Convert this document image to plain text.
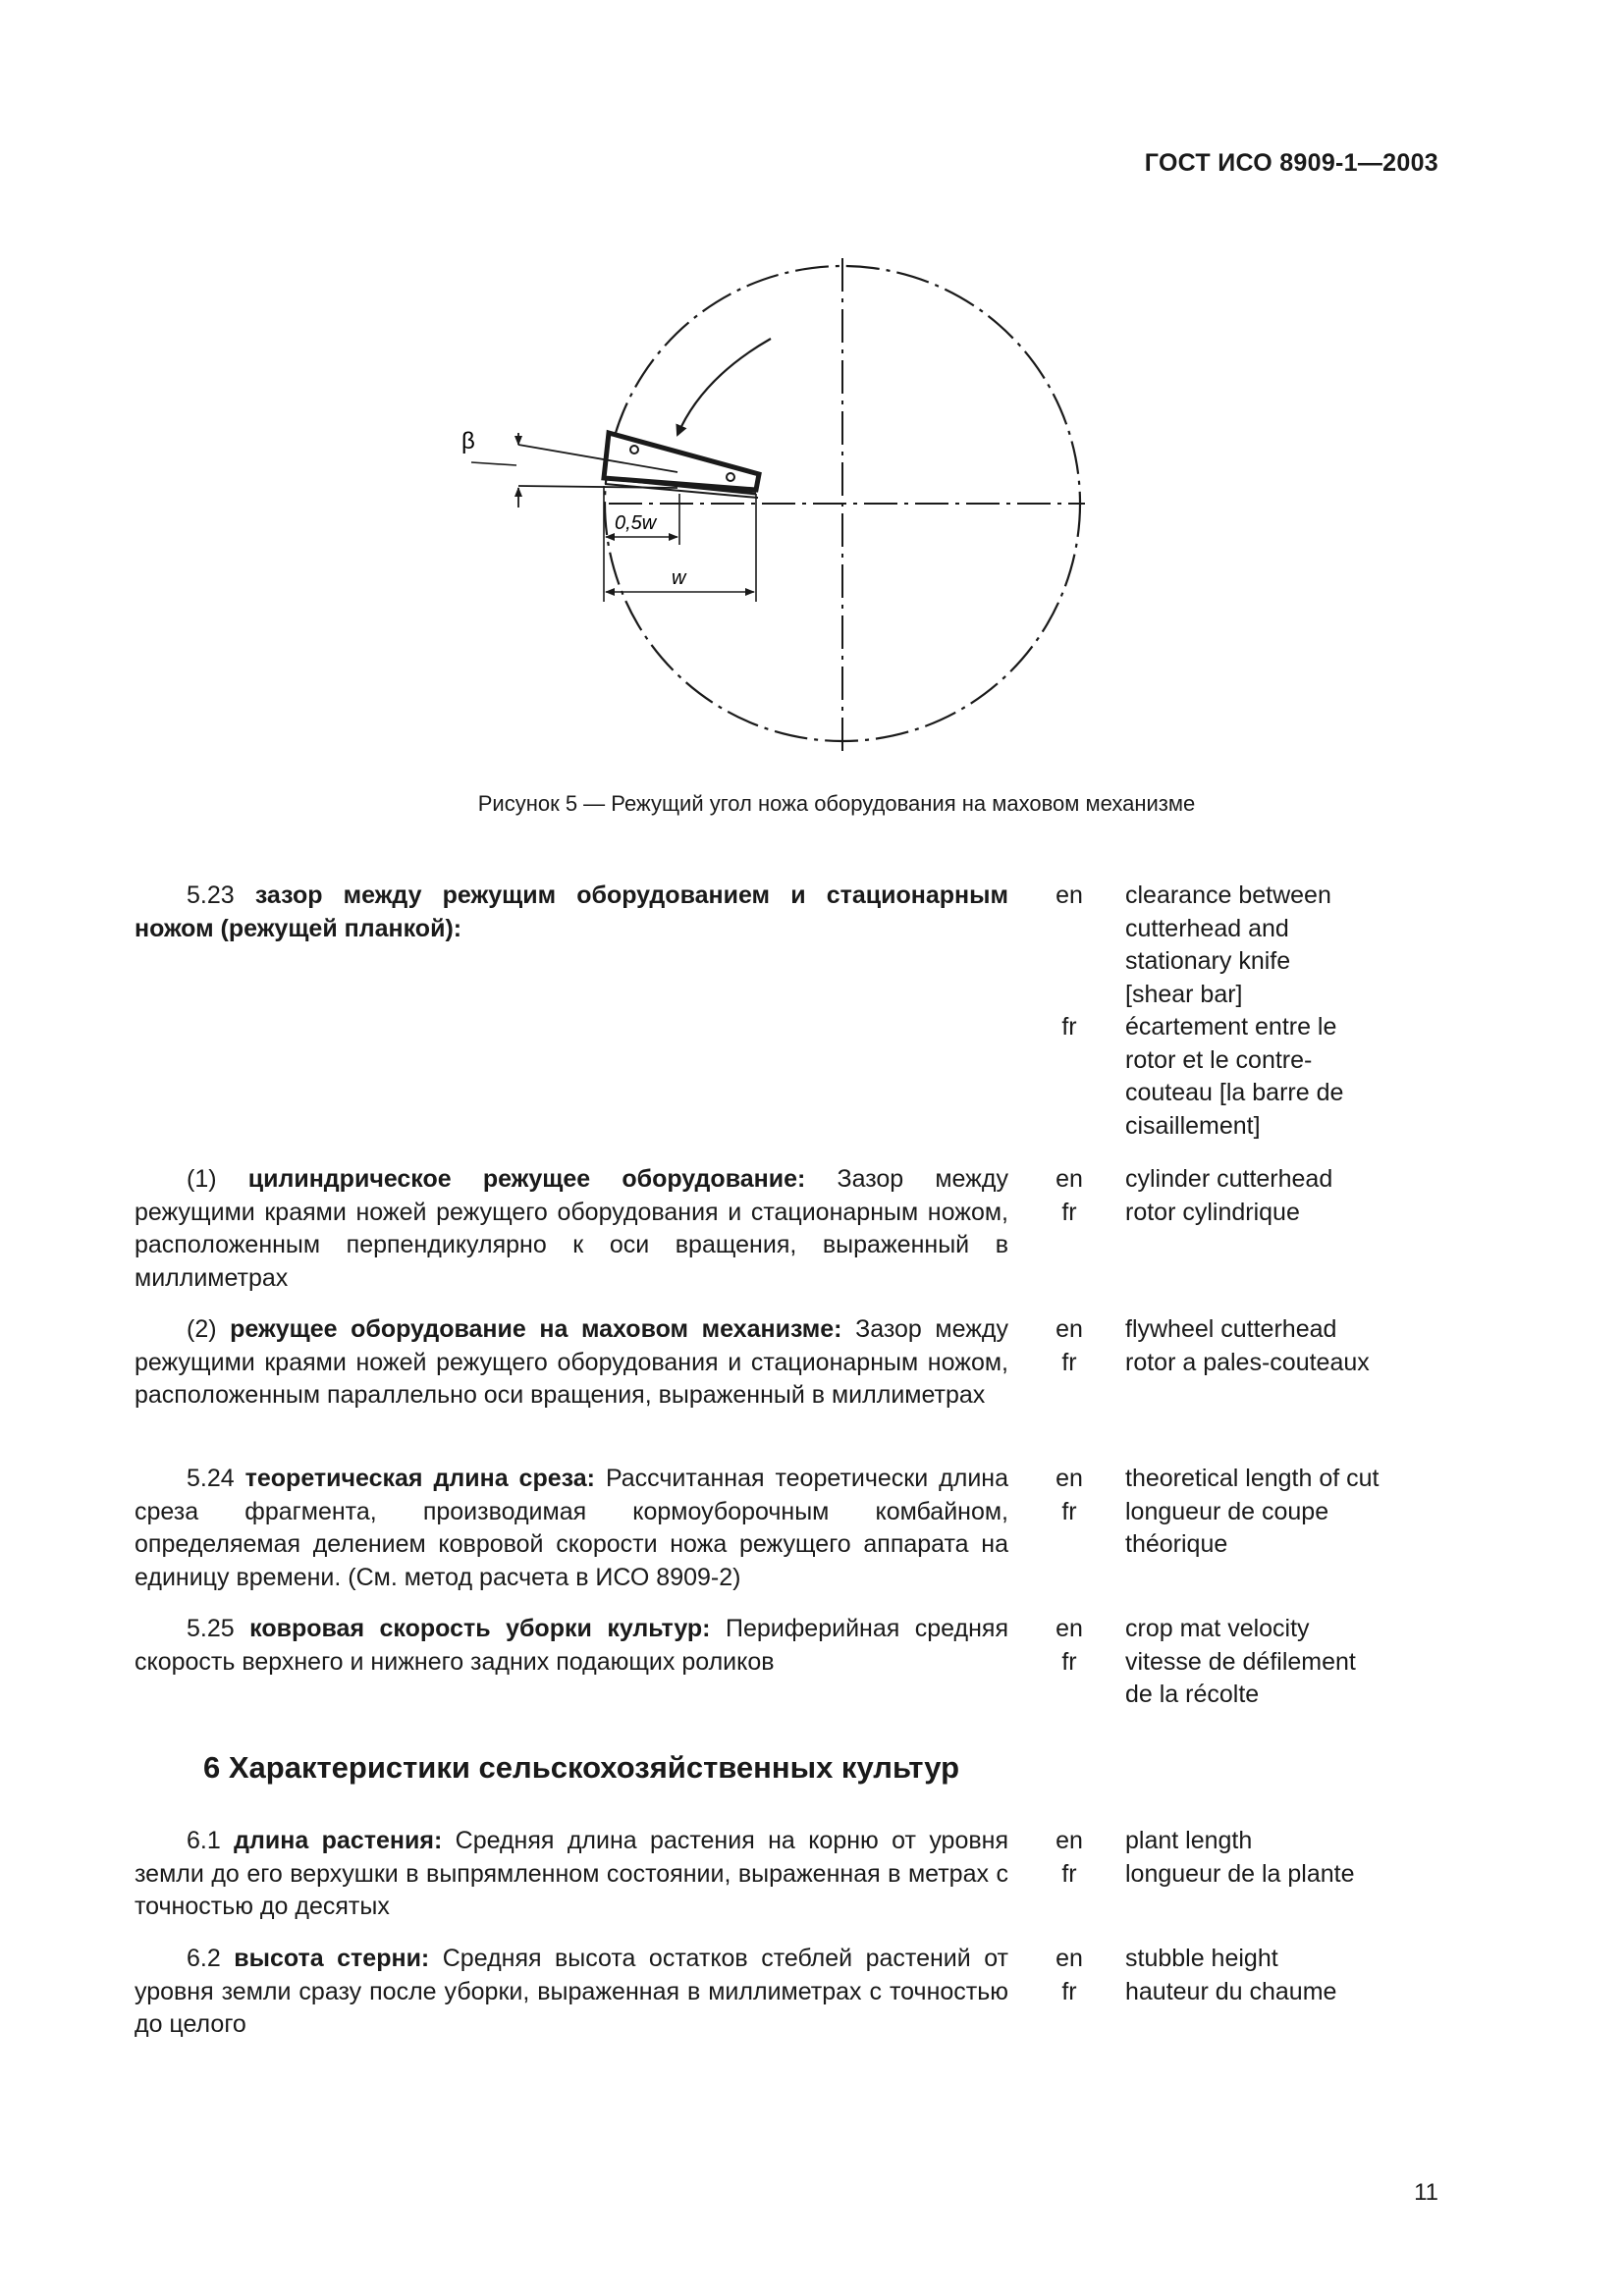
ГОСТ ИСО 8909-1—2003
β
0,5w
w
Рисунок 5 — Режущий угол ножа оборудования на маховом механизме
5.23 зазор между режущим оборудованием и стационарным ножом (режущей планкой):
en
fr
clearance between
cutterhead and
stationary knife
[shear bar]
écartement entre le
rotor et le contre-
couteau [la barre de
cisaillement]
(1) цилиндрическое режущее оборудование: Зазор между режущими краями ножей режущего оборудования и стационарным ножом, расположенным перпендикулярно к оси вращения, выраженный в миллиметрах
en
fr
cylinder cutterhead
rotor cylindrique
(2) режущее оборудование на маховом механизме: Зазор между режущими краями ножей режущего оборудования и стационарным ножом, расположенным параллельно оси вращения, выраженный в миллиметрах
en
fr
flywheel cutterhead
rotor a pales-couteaux
5.24 теоретическая длина среза: Рассчитанная теоретически длина среза фрагмента, производимая кормоуборочным комбайном, определяемая делением ковровой скорости ножа режущего аппарата на единицу времени. (См. метод расчета в ИСО 8909-2)
en
fr
theoretical length of cut
longueur de coupe
théorique
5.25 ковровая скорость уборки культур: Периферийная средняя скорость верхнего и нижнего задних подающих роликов
en
fr
crop mat velocity
vitesse de défilement
de la récolte
6 Характеристики сельскохозяйственных культур
6.1 длина растения: Средняя длина растения на корню от уровня земли до его верхушки в выпрямленном состоянии, выраженная в метрах с точностью до десятых
en
fr
plant length
longueur de la plante
6.2 высота стерни: Средняя высота остатков стеблей растений от уровня земли сразу после уборки, выраженная в миллиметрах с точностью до целого
en
fr
stubble height
hauteur du chaume
11
